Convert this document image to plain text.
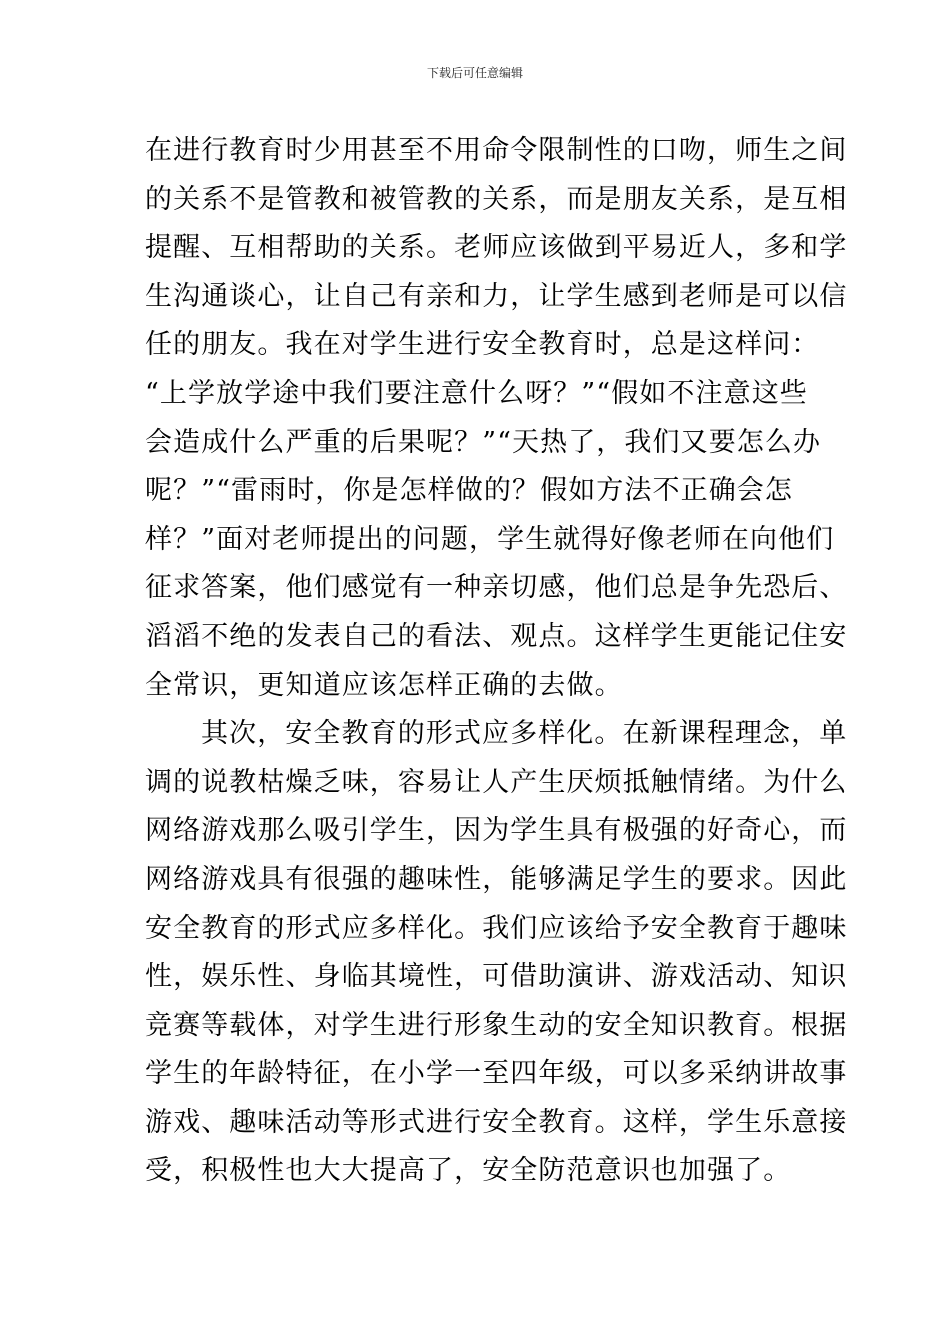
下载后可任意编辑
在进行教育时少用甚至不用命令限制性的口吻，师生之间
的关系不是管教和被管教的关系，而是朋友关系，是互相
提醒、互相帮助的关系。老师应该做到平易近人，多和学
生沟通谈心，让自己有亲和力，让学生感到老师是可以信
任的朋友。我在对学生进行安全教育时，总是这样问：
“上学放学途中我们要注意什么呀？”“假如不注意这些
会造成什么严重的后果呢？”“天热了，我们又要怎么办
呢？”“雷雨时，你是怎样做的？假如方法不正确会怎
样？”面对老师提出的问题，学生就得好像老师在向他们
征求答案，他们感觉有一种亲切感，他们总是争先恐后、
滔滔不绝的发表自己的看法、观点。这样学生更能记住安
全常识，更知道应该怎样正确的去做。
其次，安全教育的形式应多样化。在新课程理念，单
调的说教枯燥乏味，容易让人产生厌烦抵触情绪。为什么
网络游戏那么吸引学生，因为学生具有极强的好奇心，而
网络游戏具有很强的趣味性，能够满足学生的要求。因此
安全教育的形式应多样化。我们应该给予安全教育于趣味
性，娱乐性、身临其境性，可借助演讲、游戏活动、知识
竞赛等载体，对学生进行形象生动的安全知识教育。根据
学生的年龄特征，在小学一至四年级，可以多采纳讲故事
游戏、趣味活动等形式进行安全教育。这样，学生乐意接
受，积极性也大大提高了，安全防范意识也加强了。
